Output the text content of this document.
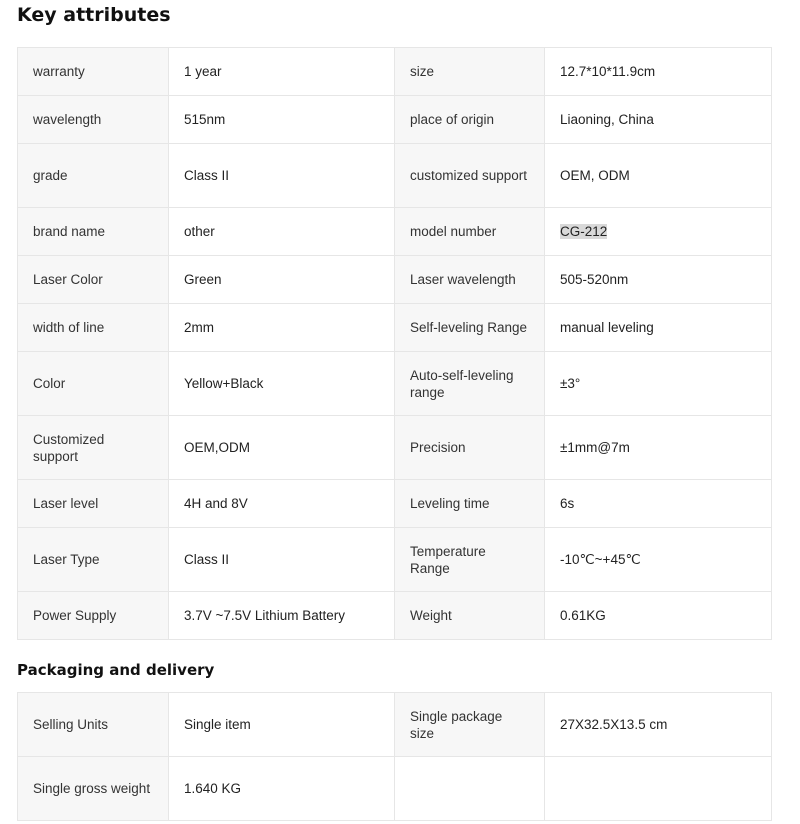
Key attributes
warranty	1 year	size	12.7*10*11.9cm
wavelength	515nm	place of origin	Liaoning, China
grade	Class II	customized support	OEM, ODM
brand name	other	model number	CG-212
Laser Color	Green	Laser wavelength	505-520nm
width of line	2mm	Self-leveling Range	manual leveling
Color	Yellow+Black	Auto-self-leveling range	±3°
Customized support	OEM,ODM	Precision	±1mm@7m
Laser level	4H and 8V	Leveling time	6s
Laser Type	Class II	Temperature Range	-10℃~+45℃
Power Supply	3.7V ~7.5V Lithium Battery	Weight	0.61KG
Packaging and delivery
Selling Units	Single item	Single package size	27X32.5X13.5 cm
Single gross weight	1.640 KG		
